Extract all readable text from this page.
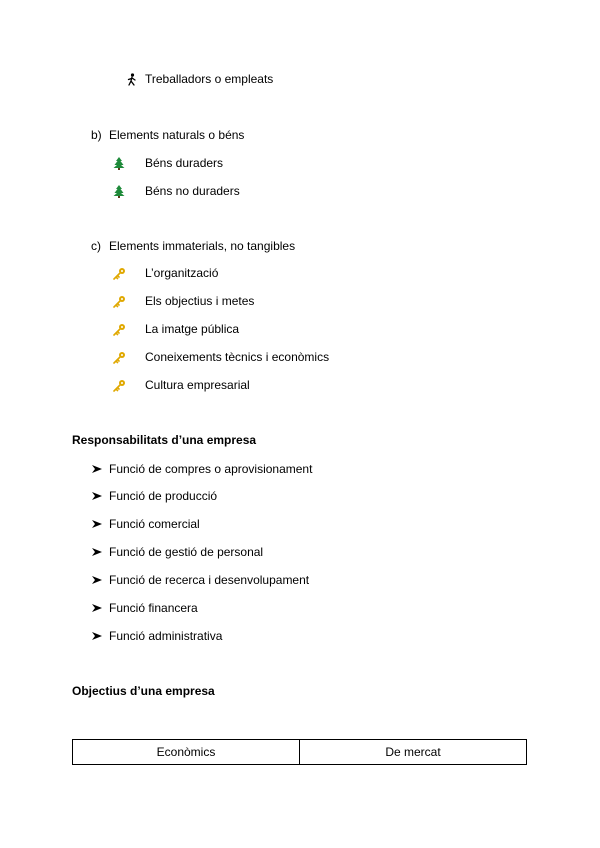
Treballadors o empleats
b) Elements naturals o béns
Béns duraders
Béns no duraders
c) Elements immaterials, no tangibles
L’organització
Els objectius i metes
La imatge pública
Coneixements tècnics i econòmics
Cultura empresarial
Responsabilitats d’una empresa
Funció de compres o aprovisionament
Funció de producció
Funció comercial
Funció de gestió de personal
Funció de recerca i desenvolupament
Funció financera
Funció administrativa
Objectius d’una empresa
Econòmics	De mercat
